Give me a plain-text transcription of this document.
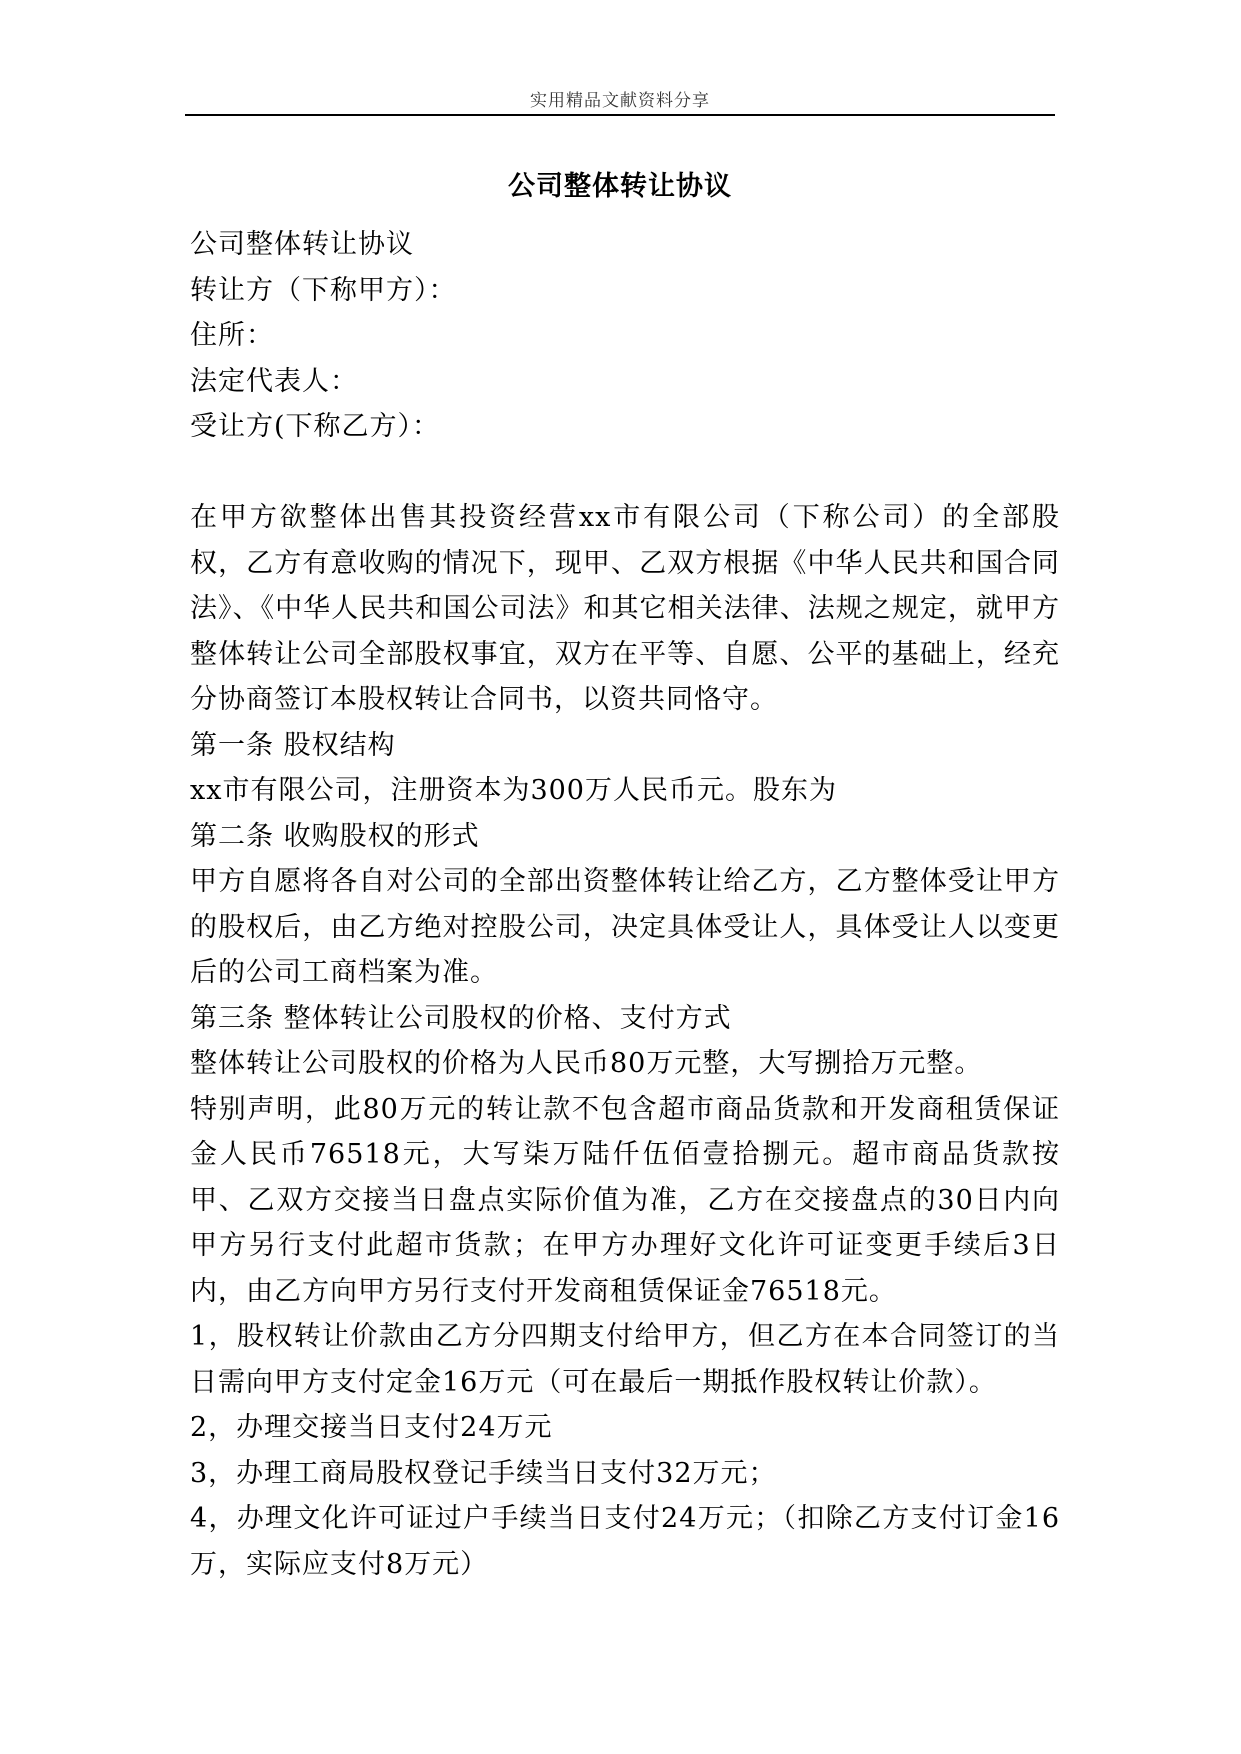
实用精品文献资料分享
公司整体转让协议

公司整体转让协议

转让方（下称甲方）：

住所：

法定代表人：

受让方(下称乙方）：

在甲方欲整体出售其投资经营xx市有限公司（下称公司）的全部股权，乙方有意收购的情况下，现甲、乙双方根据《中华人民共和国合同法》、《中华人民共和国公司法》和其它相关法律、法规之规定，就甲方整体转让公司全部股权事宜，双方在平等、自愿、公平的基础上，经充分协商签订本股权转让合同书，以资共同恪守。

第一条 股权结构

xx市有限公司，注册资本为300万人民币元。股东为

第二条 收购股权的形式

甲方自愿将各自对公司的全部出资整体转让给乙方，乙方整体受让甲方的股权后，由乙方绝对控股公司，决定具体受让人，具体受让人以变更后的公司工商档案为准。

第三条 整体转让公司股权的价格、支付方式

整体转让公司股权的价格为人民币80万元整，大写捌拾万元整。

特别声明，此80万元的转让款不包含超市商品货款和开发商租赁保证金人民币76518元，大写柒万陆仟伍佰壹拾捌元。超市商品货款按甲、乙双方交接当日盘点实际价值为准，乙方在交接盘点的30日内向甲方另行支付此超市货款；在甲方办理好文化许可证变更手续后3日内，由乙方向甲方另行支付开发商租赁保证金76518元。

1，股权转让价款由乙方分四期支付给甲方，但乙方在本合同签订的当日需向甲方支付定金16万元（可在最后一期抵作股权转让价款）。

2，办理交接当日支付24万元

3，办理工商局股权登记手续当日支付32万元；

4，办理文化许可证过户手续当日支付24万元；（扣除乙方支付订金16万，实际应支付8万元）
